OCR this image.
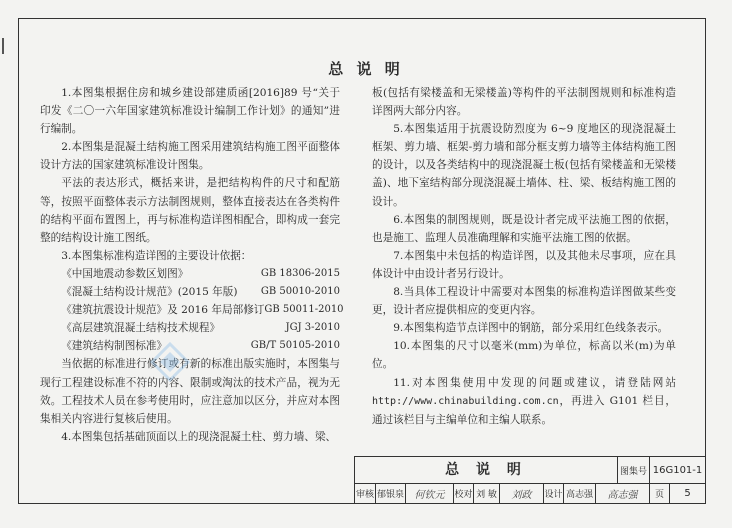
总 说 明

1.本图集根据住房和城乡建设部建质函[2016]89 号“关于印发《二〇一六年国家建筑标准设计编制工作计划》的通知”进行编制。

2.本图集是混凝土结构施工图采用建筑结构施工图平面整体设计方法的国家建筑标准设计图集。

平法的表达形式，概括来讲，是把结构构件的尺寸和配筋等，按照平面整体表示方法制图规则，整体直接表达在各类构件的结构平面布置图上，再与标准构造详图相配合，即构成一套完整的结构设计施工图纸。

3.本图集标准构造详图的主要设计依据：

《中国地震动参数区划图》	GB 18306-2015

《混凝土结构设计规范》(2015 年版) GB 50010-2010

《建筑抗震设计规范》及 2016 年局部修订 GB 50011-2010

《高层建筑混凝土结构技术规程》	JGJ 3-2010

《建筑结构制图标准》	GB/T 50105-2010

当依据的标准进行修订或有新的标准出版实施时，本图集与现行工程建设标准不符的内容、限制或淘汰的技术产品，视为无效。工程技术人员在参考使用时，应注意加以区分，并应对本图集相关内容进行复核后使用。

4.本图集包括基础顶面以上的现浇混凝土柱、剪力墙、梁、

板(包括有梁楼盖和无梁楼盖)等构件的平法制图规则和标准构造详图两大部分内容。

5.本图集适用于抗震设防烈度为 6~9 度地区的现浇混凝土框架、剪力墙、框架-剪力墙和部分框支剪力墙等主体结构施工图的设计，以及各类结构中的现浇混凝土板(包括有梁楼盖和无梁楼盖)、地下室结构部分现浇混凝土墙体、柱、梁、板结构施工图的设计。

6.本图集的制图规则，既是设计者完成平法施工图的依据，也是施工、监理人员准确理解和实施平法施工图的依据。

7.本图集中未包括的构造详图，以及其他未尽事项，应在具体设计中由设计者另行设计。

8.当具体工程设计中需要对本图集的标准构造详图做某些变更，设计者应提供相应的变更内容。

9.本图集构造节点详图中的钢筋，部分采用红色线条表示。

10.本图集的尺寸以毫米(mm)为单位，标高以米(m)为单位。

11.对本图集使用中发现的问题或建议，请登陆网站 http://www.chinabuilding.com.cn，再进入 G101 栏目，通过该栏目与主编单位和主编人联系。

总 说 明	图集号 16G101-1
审核 郁银泉	何钦元	校对 刘 敏	刘政	设计 高志强	高志强	页	5
